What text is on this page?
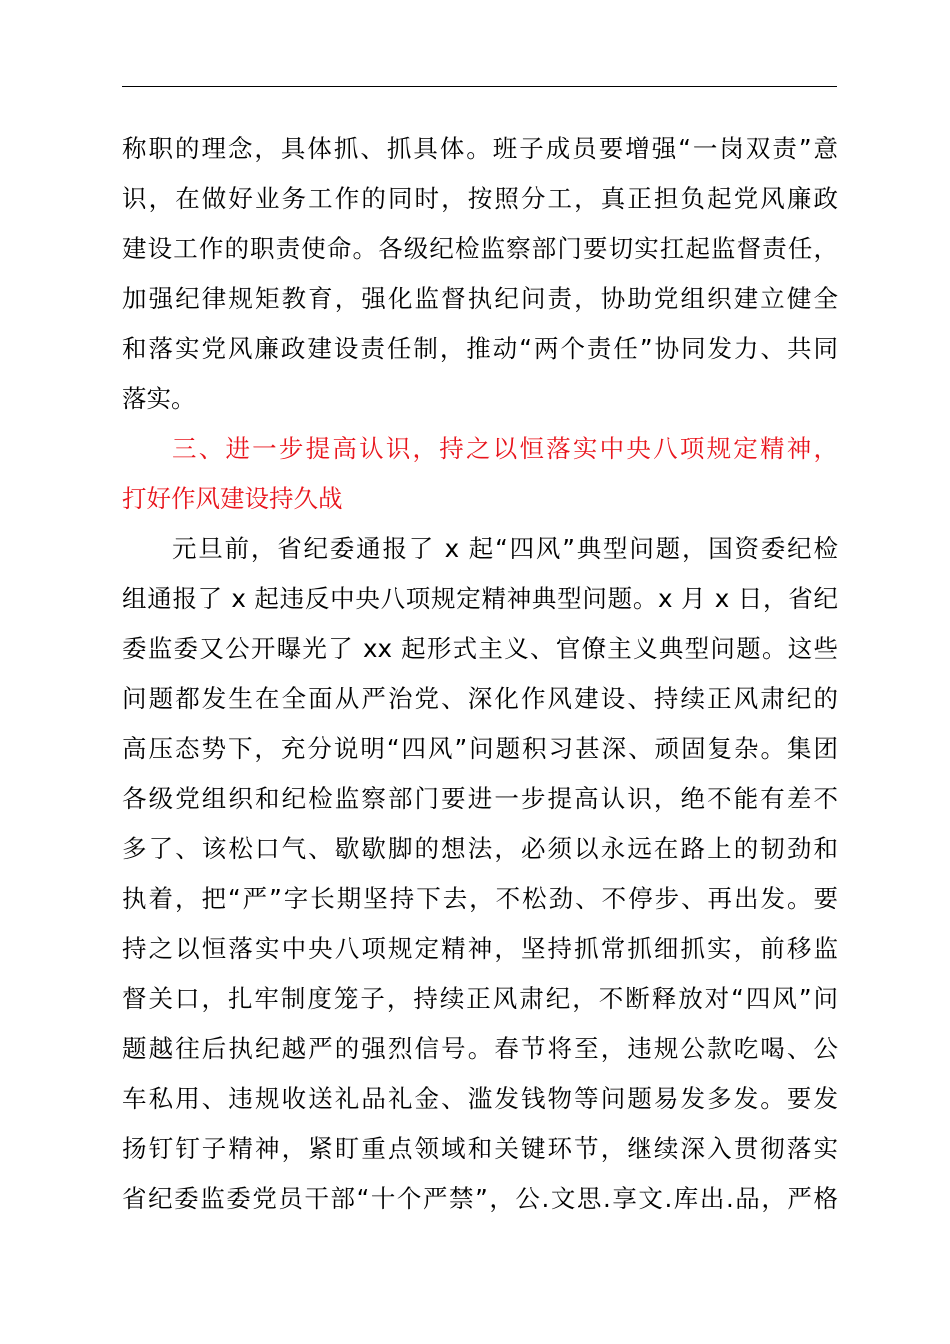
称职的理念，具体抓、抓具体。班子成员要增强“一岗双责”意
识，在做好业务工作的同时，按照分工，真正担负起党风廉政
建设工作的职责使命。各级纪检监察部门要切实扛起监督责任，
加强纪律规矩教育，强化监督执纪问责，协助党组织建立健全
和落实党风廉政建设责任制，推动“两个责任”协同发力、共同
落实。
三、进一步提高认识，持之以恒落实中央八项规定精神，
打好作风建设持久战
元旦前，省纪委通报了 x 起“四风”典型问题，国资委纪检
组通报了 x 起违反中央八项规定精神典型问题。x 月 x 日，省纪
委监委又公开曝光了 xx 起形式主义、官僚主义典型问题。这些
问题都发生在全面从严治党、深化作风建设、持续正风肃纪的
高压态势下，充分说明“四风”问题积习甚深、顽固复杂。集团
各级党组织和纪检监察部门要进一步提高认识，绝不能有差不
多了、该松口气、歇歇脚的想法，必须以永远在路上的韧劲和
执着，把“严”字长期坚持下去，不松劲、不停步、再出发。要
持之以恒落实中央八项规定精神，坚持抓常抓细抓实，前移监
督关口，扎牢制度笼子，持续正风肃纪，不断释放对“四风”问
题越往后执纪越严的强烈信号。春节将至，违规公款吃喝、公
车私用、违规收送礼品礼金、滥发钱物等问题易发多发。要发
扬钉钉子精神，紧盯重点领域和关键环节，继续深入贯彻落实
省纪委监委党员干部“十个严禁”，公.文思.享文.库出.品，严格
